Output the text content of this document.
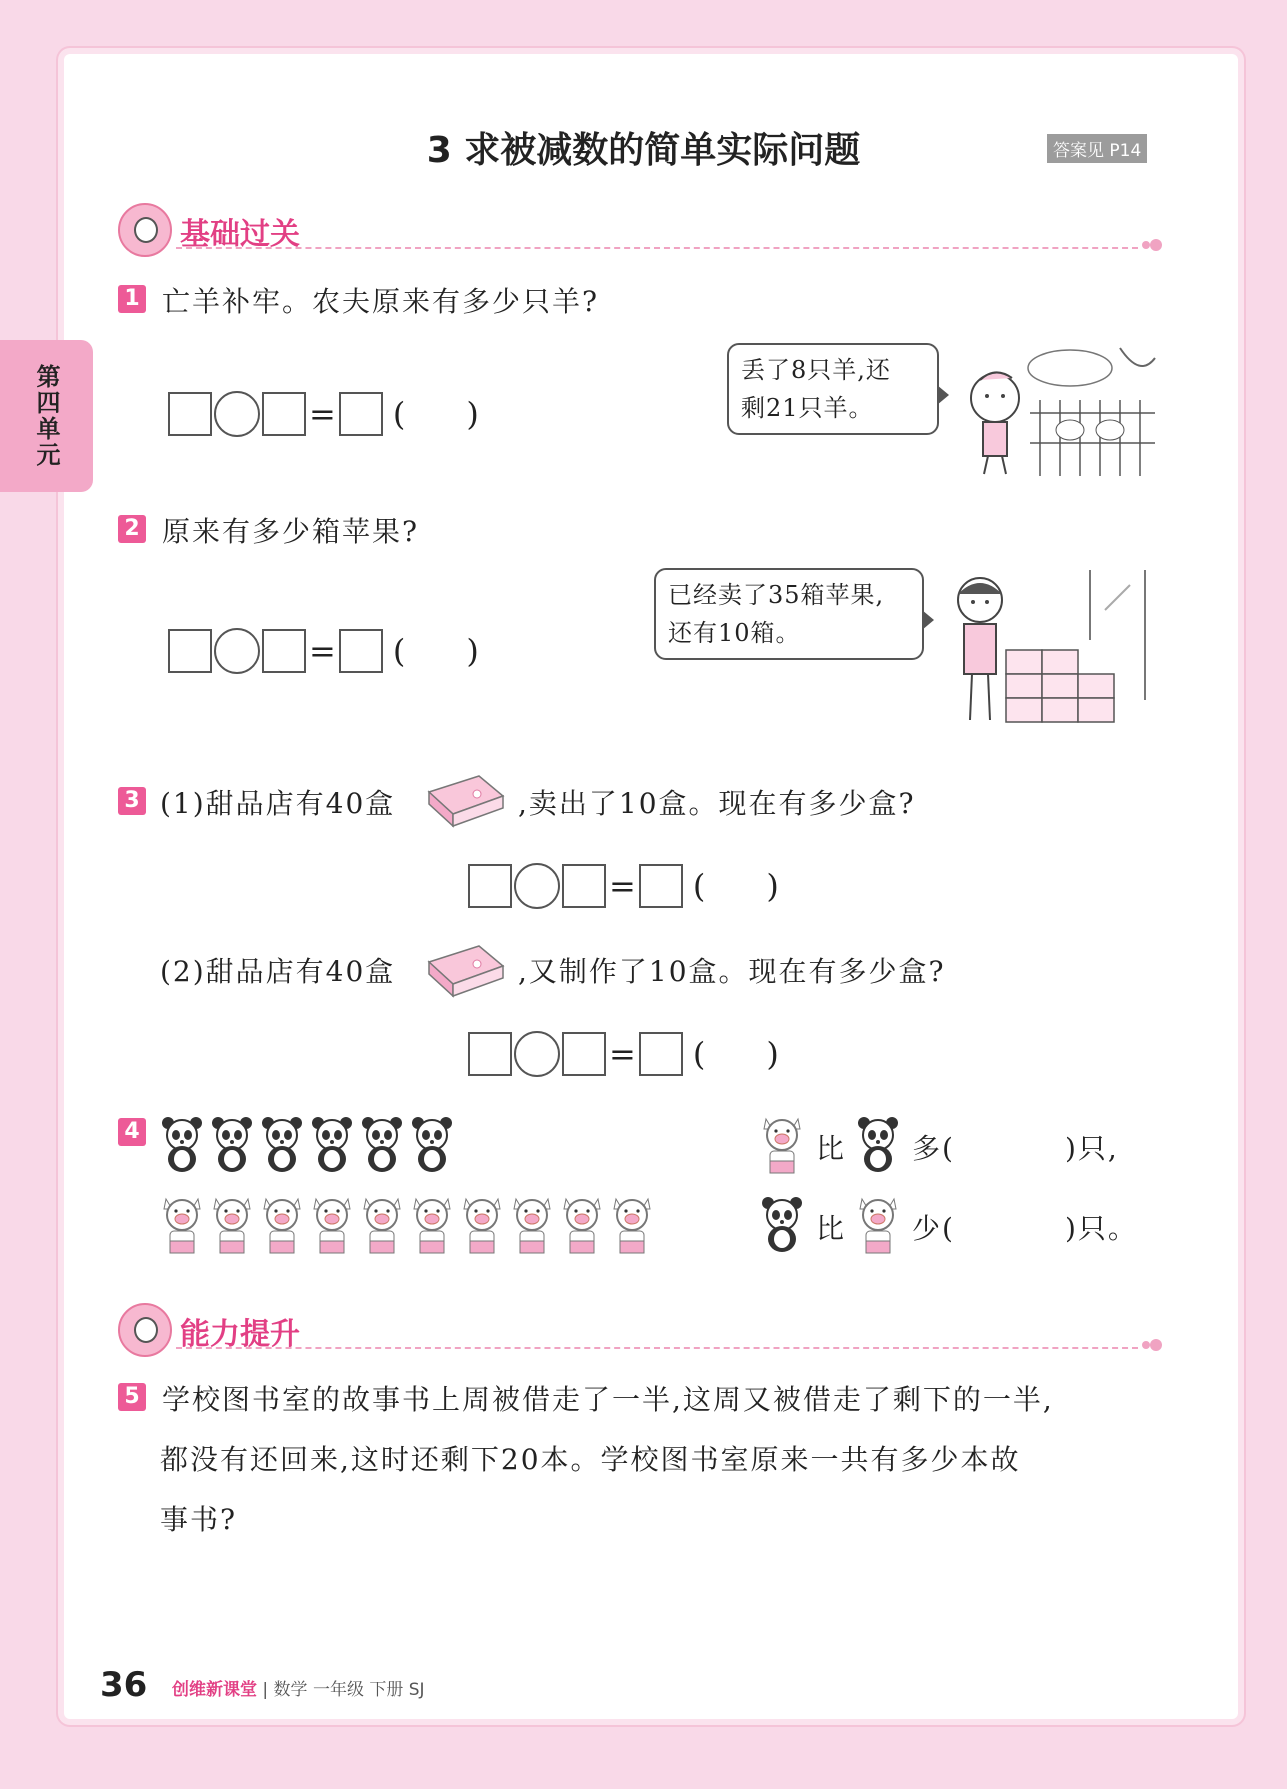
第四单元
3 求被减数的简单实际问题	答案见 P14
基础过关
1 亡羊补牢。农夫原来有多少只羊?
= (      )
丢了8只羊,还
剩21只羊。
2 原来有多少箱苹果?
= (      )
已经卖了35箱苹果,
还有10箱。
3 (1)甜品店有40盒	,卖出了10盒。现在有多少盒?
= (      )
(2)甜品店有40盒	,又制作了10盒。现在有多少盒?
= (      )
4
比 多(	)只,
比 少(	)只。
能力提升
5 学校图书室的故事书上周被借走了一半,这周又被借走了剩下的一半,
都没有还回来,这时还剩下20本。学校图书室原来一共有多少本故
事书?
36 创维新课堂 | 数学 一年级 下册 SJ
